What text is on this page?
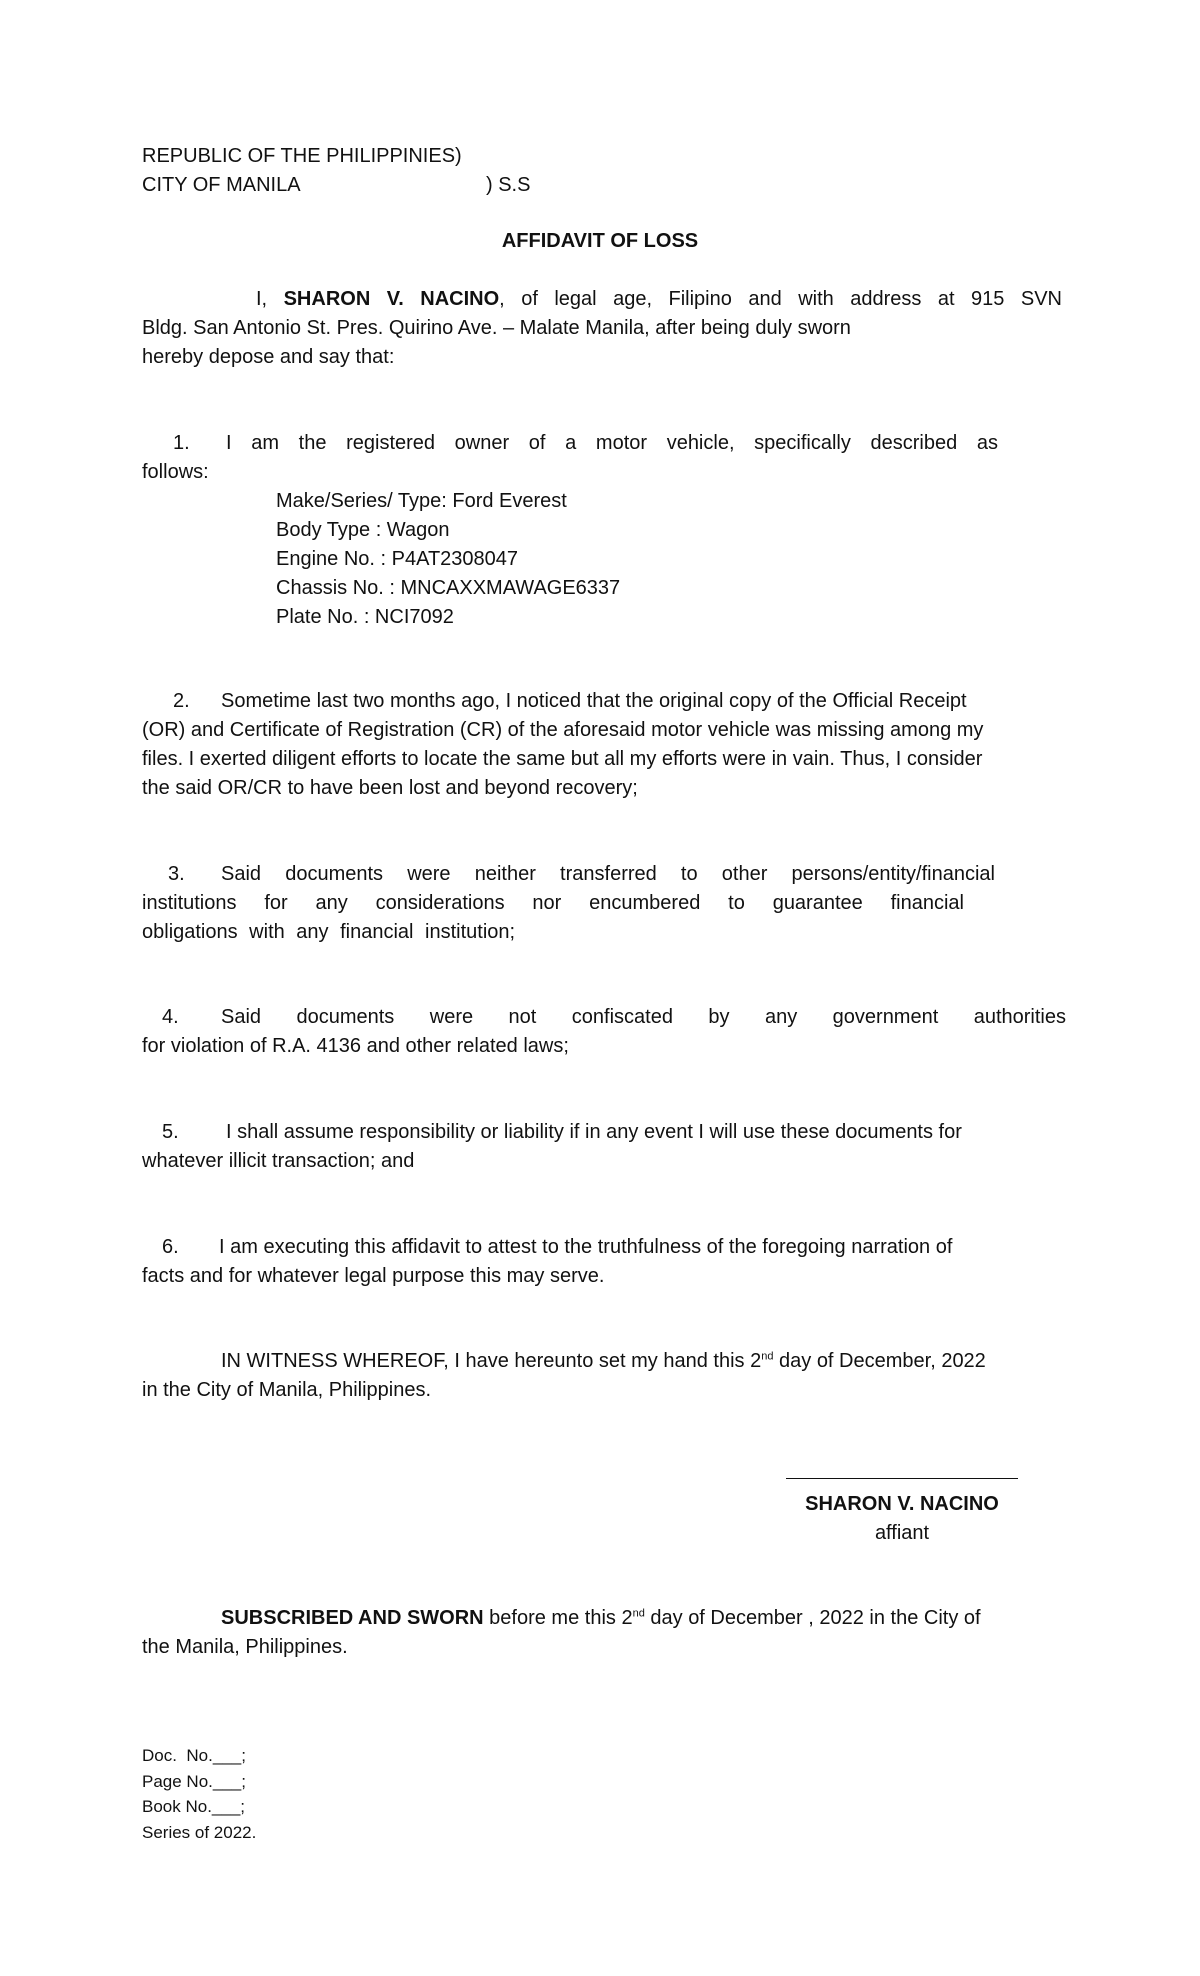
REPUBLIC OF THE PHILIPPINIES)
CITY OF MANILA	) S.S
AFFIDAVIT OF LOSS
I, SHARON V. NACINO, of legal age, Filipino and with address at 915 SVN
Bldg. San Antonio St. Pres. Quirino Ave. – Malate Manila, after being duly sworn
hereby depose and say that:
1. I am the registered owner of a motor vehicle, specifically described as
follows:
Make/Series/ Type: Ford Everest
Body Type : Wagon
Engine No. : P4AT2308047
Chassis No. : MNCAXXMAWAGE6337
Plate No. : NCI7092
2. Sometime last two months ago, I noticed that the original copy of the Official Receipt
(OR) and Certificate of Registration (CR) of the aforesaid motor vehicle was missing among my
files. I exerted diligent efforts to locate the same but all my efforts were in vain. Thus, I consider
the said OR/CR to have been lost and beyond recovery;
3. Said documents were neither transferred to other persons/entity/financial
institutions for any considerations nor encumbered to guarantee financial
obligations with any financial institution;
4. Said documents were not confiscated by any government authorities
for violation of R.A. 4136 and other related laws;
5. I shall assume responsibility or liability if in any event I will use these documents for
whatever illicit transaction; and
6. I am executing this affidavit to attest to the truthfulness of the foregoing narration of
facts and for whatever legal purpose this may serve.
IN WITNESS WHEREOF, I have hereunto set my hand this 2nd day of December, 2022
in the City of Manila, Philippines.
SHARON V. NACINO
affiant
SUBSCRIBED AND SWORN before me this 2nd day of December , 2022 in the City of
the Manila, Philippines.
Doc.  No.___;
Page No.___;
Book No.___;
Series of 2022.
